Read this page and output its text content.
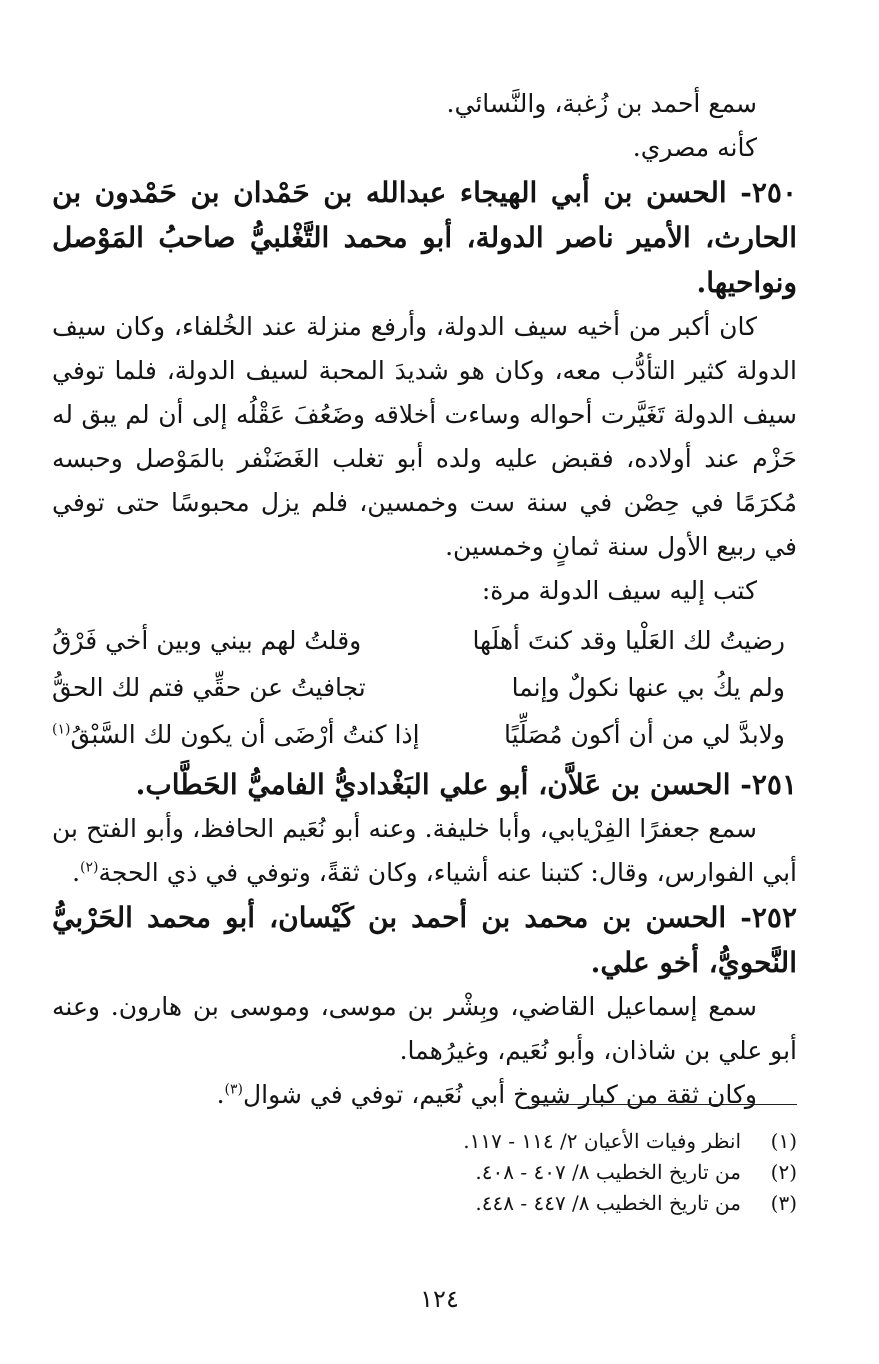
سمع أحمد بن زُغبة، والنَّسائي.

كأنه مصري.

٢٥٠- الحسن بن أبي الهيجاء عبدالله بن حَمْدان بن حَمْدون بن الحارث، الأمير ناصر الدولة، أبو محمد التَّغْلبيُّ صاحبُ المَوْصل ونواحيها.

كان أكبر من أخيه سيف الدولة، وأرفع منزلة عند الخُلفاء، وكان سيف الدولة كثير التأدُّب معه، وكان هو شديدَ المحبة لسيف الدولة، فلما توفي سيف الدولة تَغَيَّرت أحواله وساءت أخلاقه وضَعُفَ عَقْلُه إلى أن لم يبق له حَزْم عند أولاده، فقبض عليه ولده أبو تغلب الغَضَنْفر بالمَوْصل وحبسه مُكرَمًا في حِصْن في سنة ست وخمسين، فلم يزل محبوسًا حتى توفي في ربيع الأول سنة ثمانٍ وخمسين.

كتب إليه سيف الدولة مرة:

رضيتُ لك العَلْيا وقد كنتَ أهلَها
وقلتُ لهم بيني وبين أخي فَرْقُ
ولم يكُ بي عنها نكولٌ وإنما
تجافيتُ عن حقِّي فتم لك الحقُّ
ولابدَّ لي من أن أكون مُصَلِّيًا
إذا كنتُ أرْضَى أن يكون لك السَّبْقُ$^{(١)}$

٢٥١- الحسن بن عَلاَّن، أبو علي البَغْداديُّ الفاميُّ الحَطَّاب.

سمع جعفرًا الفِرْيابي، وأبا خليفة. وعنه أبو نُعَيم الحافظ، وأبو الفتح بن أبي الفوارس، وقال: كتبنا عنه أشياء، وكان ثقةً، وتوفي في ذي الحجة$^{(٢)}$.

٢٥٢- الحسن بن محمد بن أحمد بن كَيْسان، أبو محمد الحَرْبيُّ النَّحويُّ، أخو علي.

سمع إسماعيل القاضي، وبِشْر بن موسى، وموسى بن هارون. وعنه أبو علي بن شاذان، وأبو نُعَيم، وغيرُهما.

وكان ثقة من كبار شيوخ أبي نُعَيم، توفي في شوال$^{(٣)}$.

(١)
انظر وفيات الأعيان ٢/ ١١٤ - ١١٧.
(٢)
من تاريخ الخطيب ٨/ ٤٠٧ - ٤٠٨.
(٣)
من تاريخ الخطيب ٨/ ٤٤٧ - ٤٤٨.
١٢٤
